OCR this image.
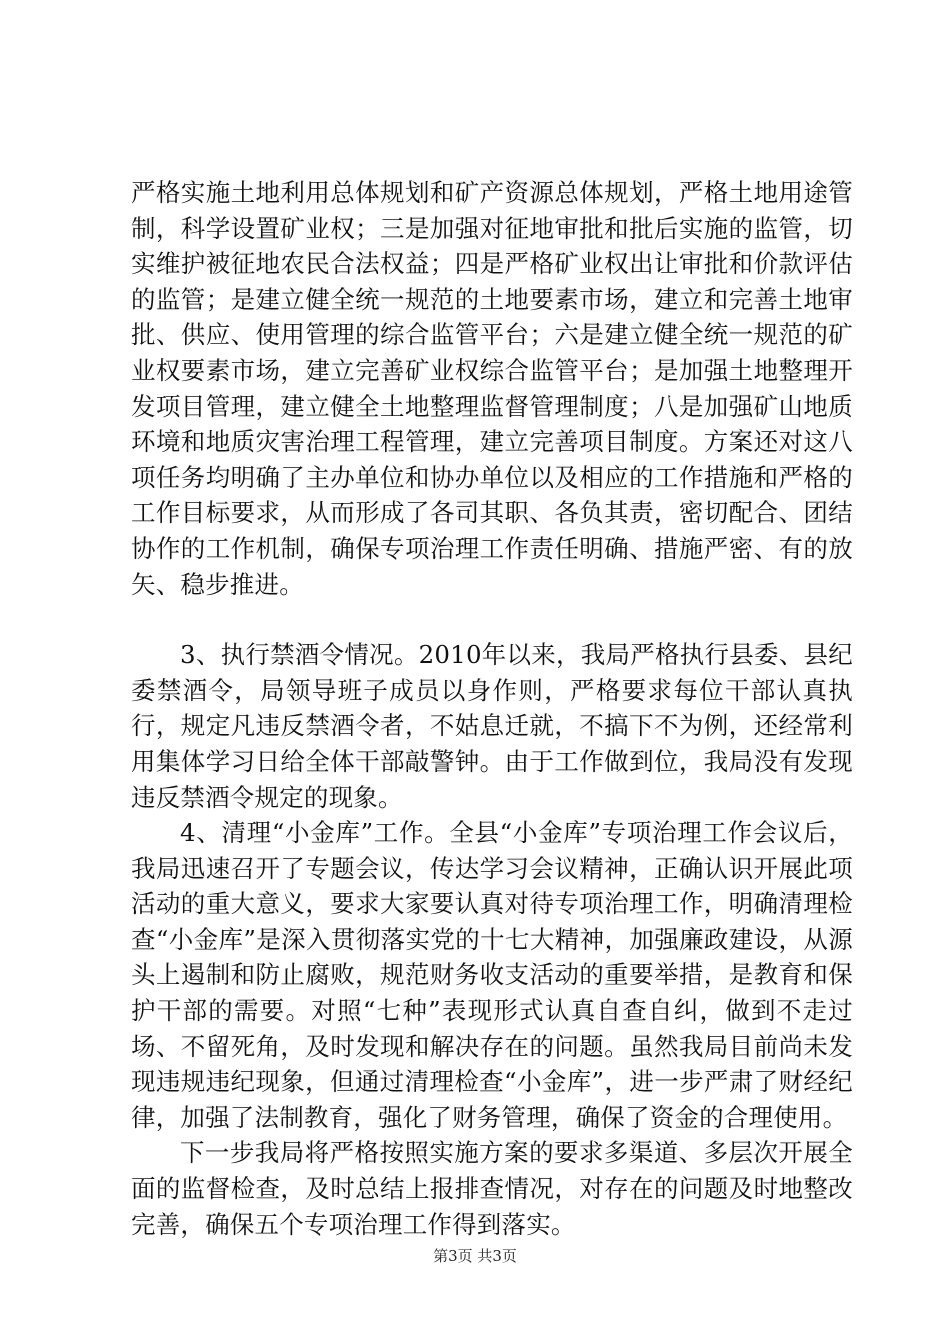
严格实施土地利用总体规划和矿产资源总体规划，严格土地用途管制，科学设置矿业权；三是加强对征地审批和批后实施的监管，切实维护被征地农民合法权益；四是严格矿业权出让审批和价款评估的监管；是建立健全统一规范的土地要素市场，建立和完善土地审批、供应、使用管理的综合监管平台；六是建立健全统一规范的矿业权要素市场，建立完善矿业权综合监管平台；是加强土地整理开发项目管理，建立健全土地整理监督管理制度；八是加强矿山地质环境和地质灾害治理工程管理，建立完善项目制度。方案还对这八项任务均明确了主办单位和协办单位以及相应的工作措施和严格的工作目标要求，从而形成了各司其职、各负其责，密切配合、团结协作的工作机制，确保专项治理工作责任明确、措施严密、有的放矢、稳步推进。

3、执行禁酒令情况。2010年以来，我局严格执行县委、县纪委禁酒令，局领导班子成员以身作则，严格要求每位干部认真执行，规定凡违反禁酒令者，不姑息迁就，不搞下不为例，还经常利用集体学习日给全体干部敲警钟。由于工作做到位，我局没有发现违反禁酒令规定的现象。

4、清理“小金库”工作。全县“小金库”专项治理工作会议后，我局迅速召开了专题会议，传达学习会议精神，正确认识开展此项活动的重大意义，要求大家要认真对待专项治理工作，明确清理检查“小金库”是深入贯彻落实党的十七大精神，加强廉政建设，从源头上遏制和防止腐败，规范财务收支活动的重要举措，是教育和保护干部的需要。对照“七种”表现形式认真自查自纠，做到不走过场、不留死角，及时发现和解决存在的问题。虽然我局目前尚未发现违规违纪现象，但通过清理检查“小金库”，进一步严肃了财经纪律，加强了法制教育，强化了财务管理，确保了资金的合理使用。

下一步我局将严格按照实施方案的要求多渠道、多层次开展全面的监督检查，及时总结上报排查情况，对存在的问题及时地整改完善，确保五个专项治理工作得到落实。

第3页 共3页
